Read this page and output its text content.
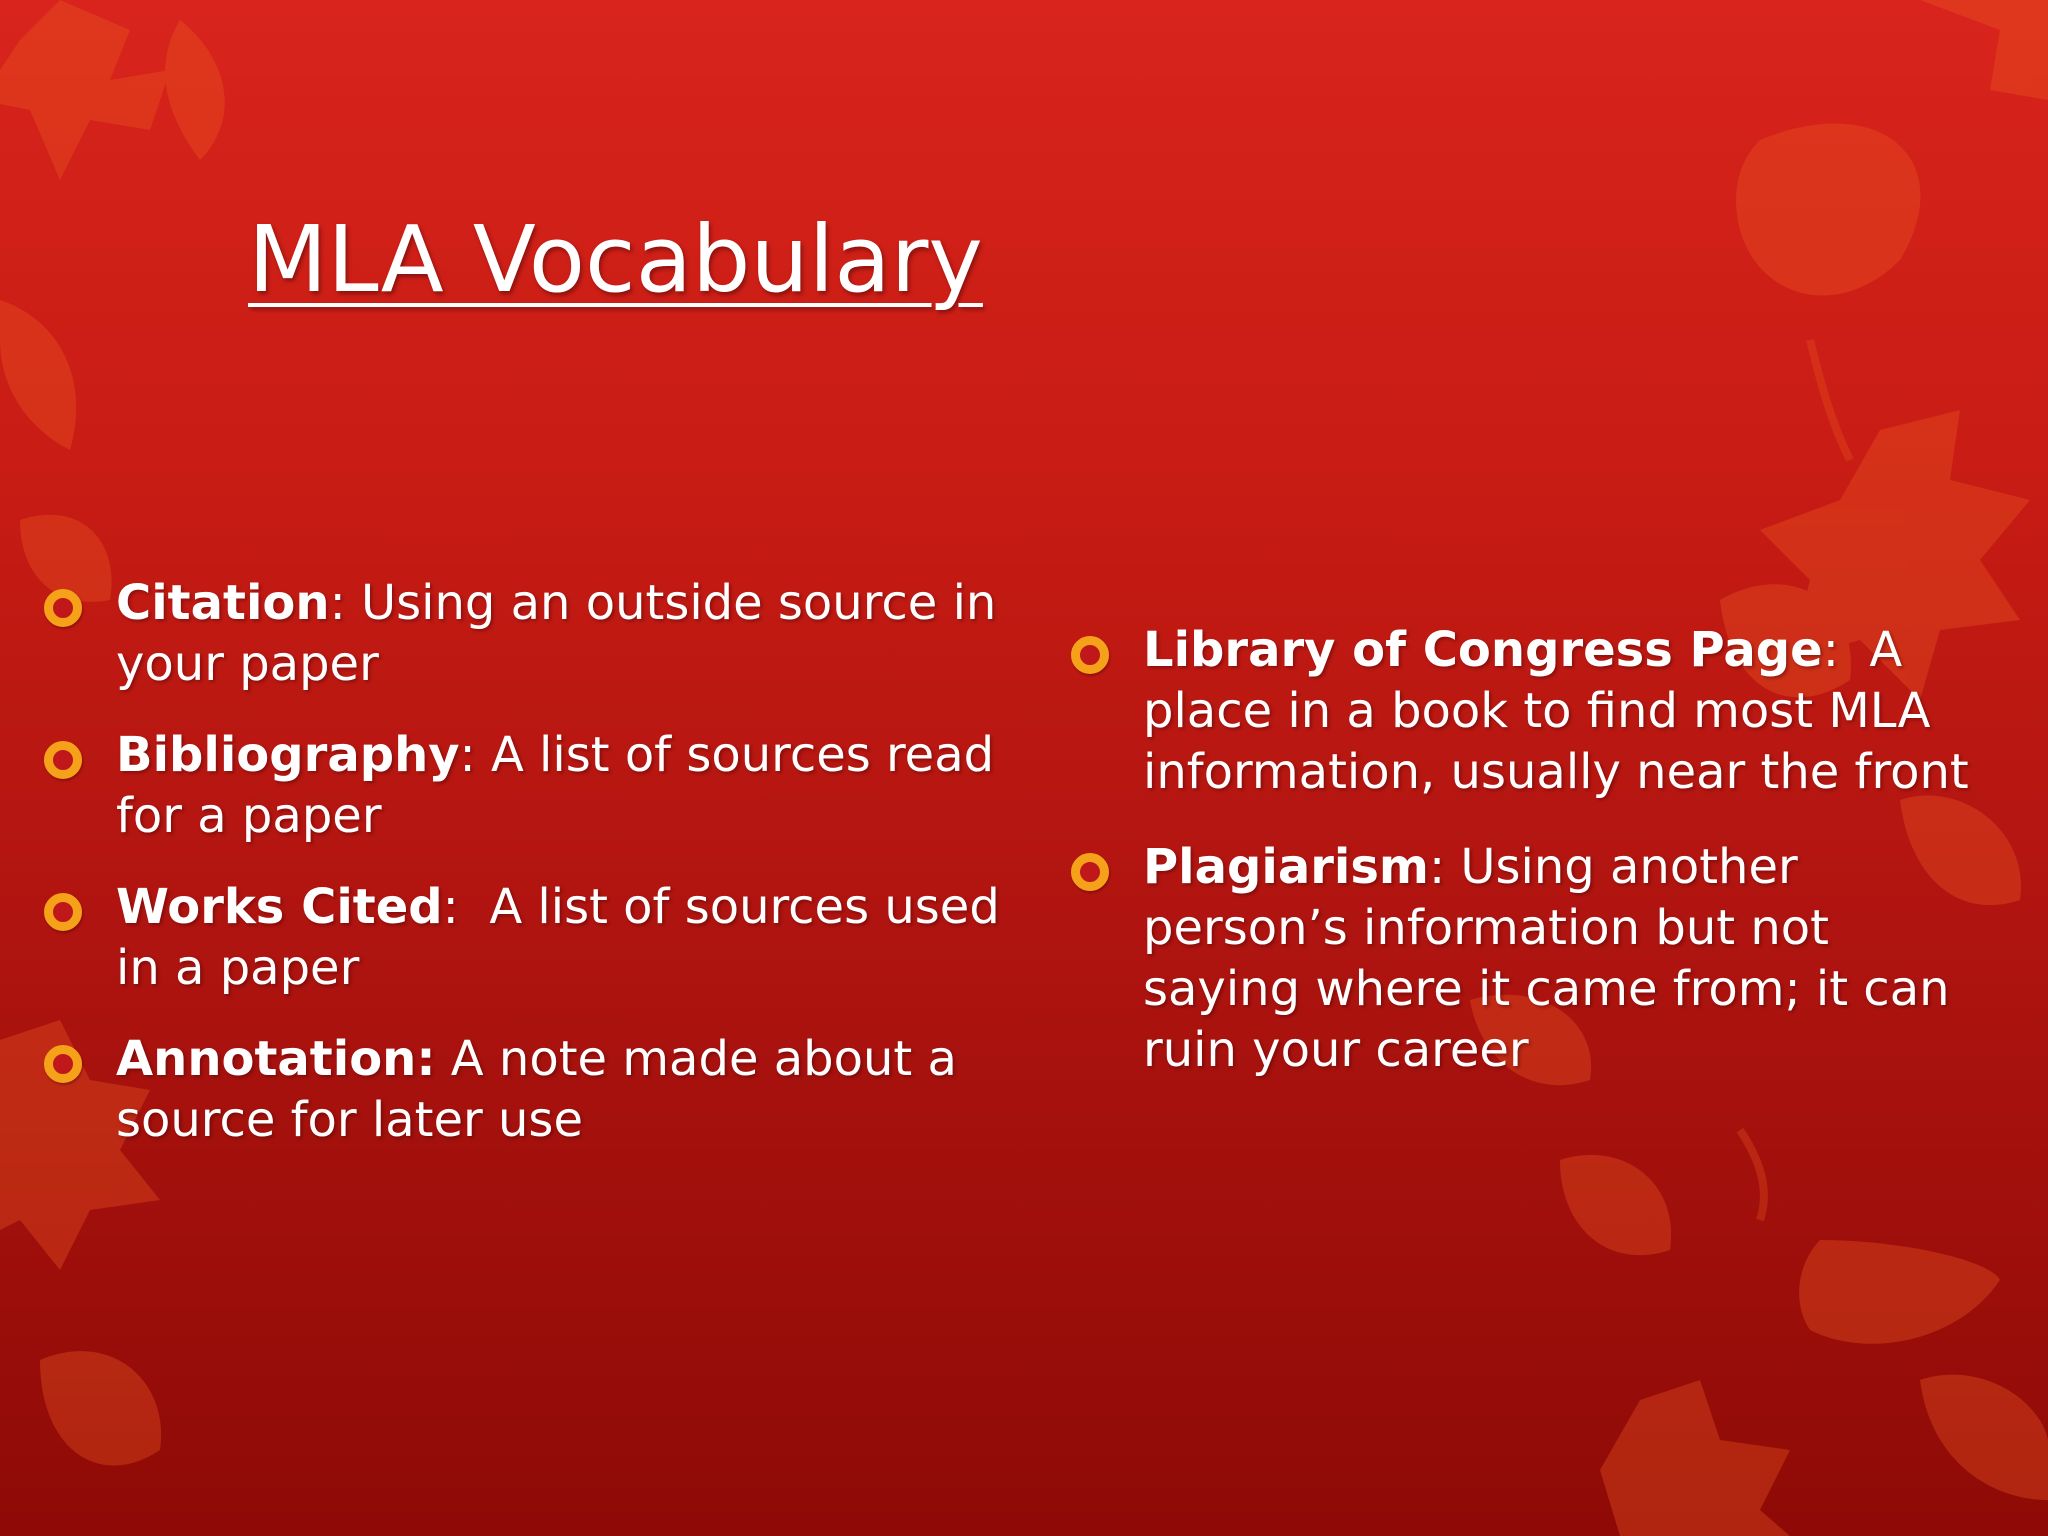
MLA Vocabulary
Citation: Using an outside source in your paper
Bibliography: A list of sources read for a paper
Works Cited:  A list of sources used in a paper
Annotation: A note made about a source for later use
Library of Congress Page:  A place in a book to find most MLA information, usually near the front
Plagiarism: Using another person’s information but not saying where it came from; it can ruin your career
